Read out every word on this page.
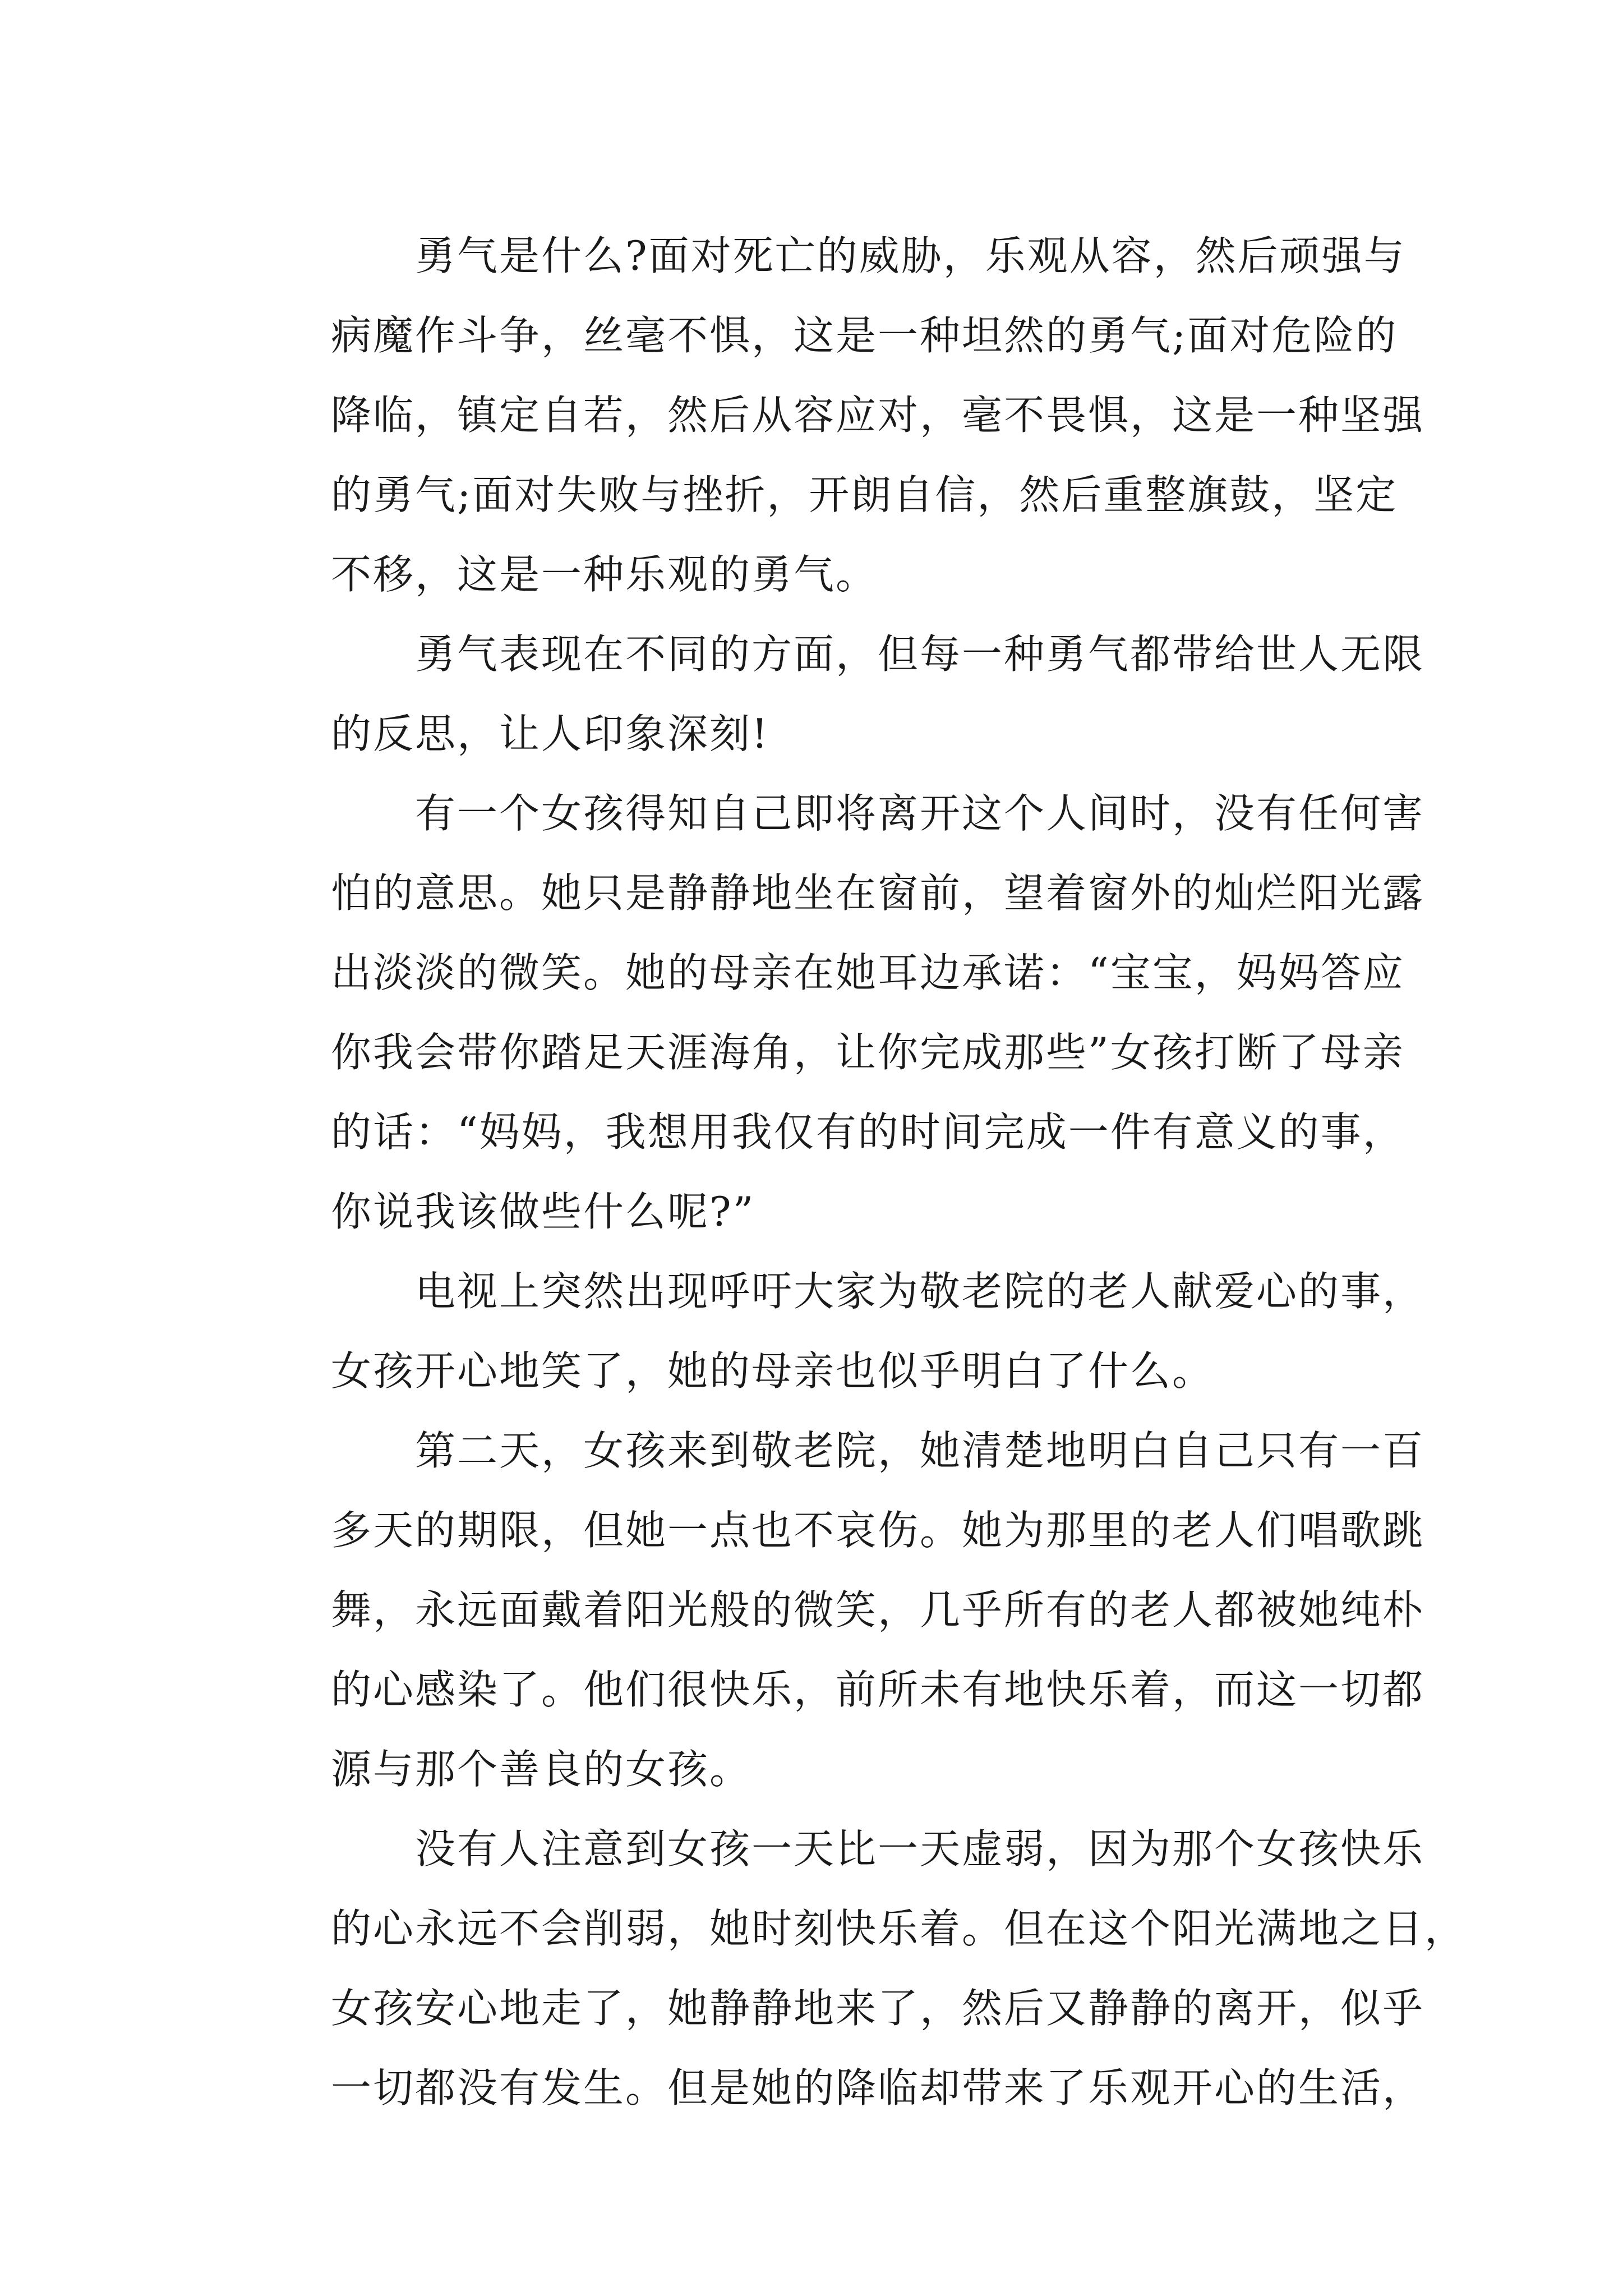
勇气是什么?面对死亡的威胁，乐观从容，然后顽强与
病魔作斗争，丝毫不惧，这是一种坦然的勇气;面对危险的
降临，镇定自若，然后从容应对，毫不畏惧，这是一种坚强
的勇气;面对失败与挫折，开朗自信，然后重整旗鼓，坚定
不移，这是一种乐观的勇气。
勇气表现在不同的方面，但每一种勇气都带给世人无限
的反思，让人印象深刻!
有一个女孩得知自己即将离开这个人间时，没有任何害
怕的意思。她只是静静地坐在窗前，望着窗外的灿烂阳光露
出淡淡的微笑。她的母亲在她耳边承诺：“宝宝，妈妈答应
你我会带你踏足天涯海角，让你完成那些”女孩打断了母亲
的话：“妈妈，我想用我仅有的时间完成一件有意义的事，
你说我该做些什么呢?”
电视上突然出现呼吁大家为敬老院的老人献爱心的事，
女孩开心地笑了，她的母亲也似乎明白了什么。
第二天，女孩来到敬老院，她清楚地明白自己只有一百
多天的期限，但她一点也不哀伤。她为那里的老人们唱歌跳
舞，永远面戴着阳光般的微笑，几乎所有的老人都被她纯朴
的心感染了。他们很快乐，前所未有地快乐着，而这一切都
源与那个善良的女孩。
没有人注意到女孩一天比一天虚弱，因为那个女孩快乐
的心永远不会削弱，她时刻快乐着。但在这个阳光满地之日，
女孩安心地走了，她静静地来了，然后又静静的离开，似乎
一切都没有发生。但是她的降临却带来了乐观开心的生活，
